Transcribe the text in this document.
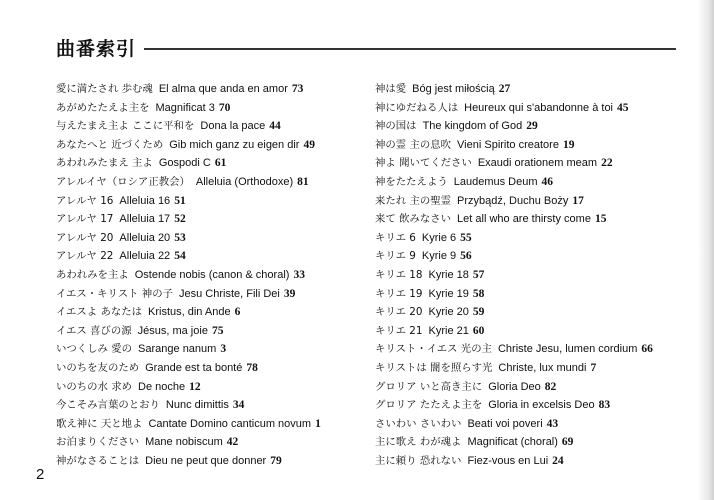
曲番索引
愛に満たされ 歩む魂 El alma que anda en amor 73
あがめたたえよ主を Magnificat 3 70
与えたまえ主よ ここに平和を Dona la pace 44
あなたへと 近づくため Gib mich ganz zu eigen dir 49
あわれみたまえ 主よ Gospodi C 61
アレルイヤ（ロシア正教会） Alleluia (Orthodoxe) 81
アレルヤ 16 Alleluia 16 51
アレルヤ 17 Alleluia 17 52
アレルヤ 20 Alleluia 20 53
アレルヤ 22 Alleluia 22 54
あわれみを主よ Ostende nobis (canon & choral) 33
イエス・キリスト 神の子 Jesu Christe, Fili Dei 39
イエスよ あなたは Kristus, din Ande 6
イエス 喜びの源 Jésus, ma joie 75
いつくしみ 愛の Sarange nanum 3
いのちを友のため Grande est ta bonté 78
いのちの水 求め De noche 12
今こそみ言葉のとおり Nunc dimittis 34
歌え神に 天と地よ Cantate Domino canticum novum 1
お泊まりください Mane nobiscum 42
神がなさることは Dieu ne peut que donner 79
神は愛 Bóg jest miłością 27
神にゆだねる人は Heureux qui s'abandonne à toi 45
神の国は The kingdom of God 29
神の霊 主の息吹 Vieni Spirito creatore 19
神よ 聞いてください Exaudi orationem meam 22
神をたたえよう Laudemus Deum 46
来たれ 主の聖霊 Przybądź, Duchu Boży 17
来て 飲みなさい Let all who are thirsty come 15
キリエ 6 Kyrie 6 55
キリエ 9 Kyrie 9 56
キリエ 18 Kyrie 18 57
キリエ 19 Kyrie 19 58
キリエ 20 Kyrie 20 59
キリエ 21 Kyrie 21 60
キリスト・イエス 光の主 Christe Jesu, lumen cordium 66
キリストは 闇を照らす光 Christe, lux mundi 7
グロリア いと高き主に Gloria Deo 82
グロリア たたえよ主を Gloria in excelsis Deo 83
さいわい さいわい Beati voi poveri 43
主に歌え わが魂よ Magnificat (choral) 69
主に頼り 恐れない Fiez-vous en Lui 24
2
